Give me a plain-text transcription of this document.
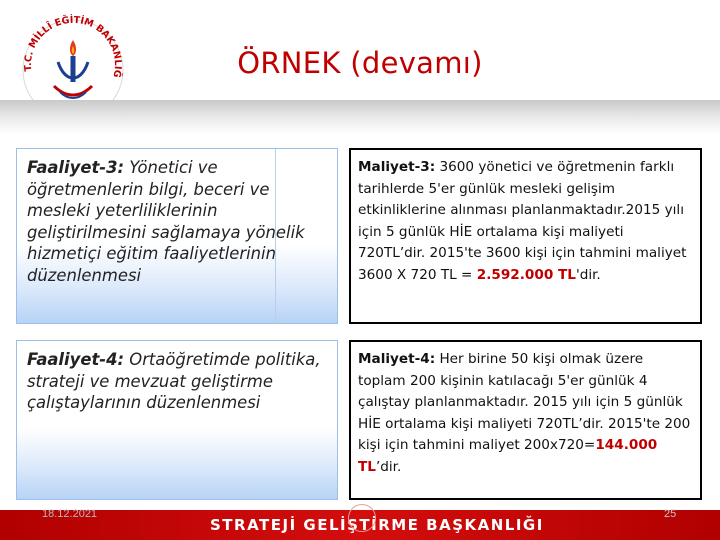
T.C. MİLLÎ EĞİTİM BAKANLIĞ	ÖRNEK (devamı)
Faaliyet-3: Yönetici ve öğretmenlerin bilgi, beceri ve mesleki yeterliliklerinin geliştirilmesini sağlamaya yönelik hizmetiçi eğitim faaliyetlerinin düzenlenmesi
Faaliyet-4: Ortaöğretimde politika, strateji ve mevzuat geliştirme çalıştaylarının düzenlenmesi
Maliyet-3: 3600 yönetici ve öğretmenin farklı tarihlerde 5'er günlük mesleki gelişim etkinliklerine alınması planlanmaktadır.2015 yılı için 5 günlük HİE ortalama kişi maliyeti 720TL’dir. 2015'te 3600 kişi için tahmini maliyet 3600 X 720 TL = 2.592.000 TL'dir.
Maliyet-4: Her birine 50 kişi olmak üzere toplam 200 kişinin katılacağı 5'er günlük 4 çalıştay planlanmaktadır. 2015 yılı için 5 günlük HİE ortalama kişi maliyeti 720TL’dir. 2015'te 200 kişi için tahmini maliyet 200x720=144.000 TL’dir.
STRATEJİ GELİŞTİRME BAŞKANLIĞI
18.12.2021	25
